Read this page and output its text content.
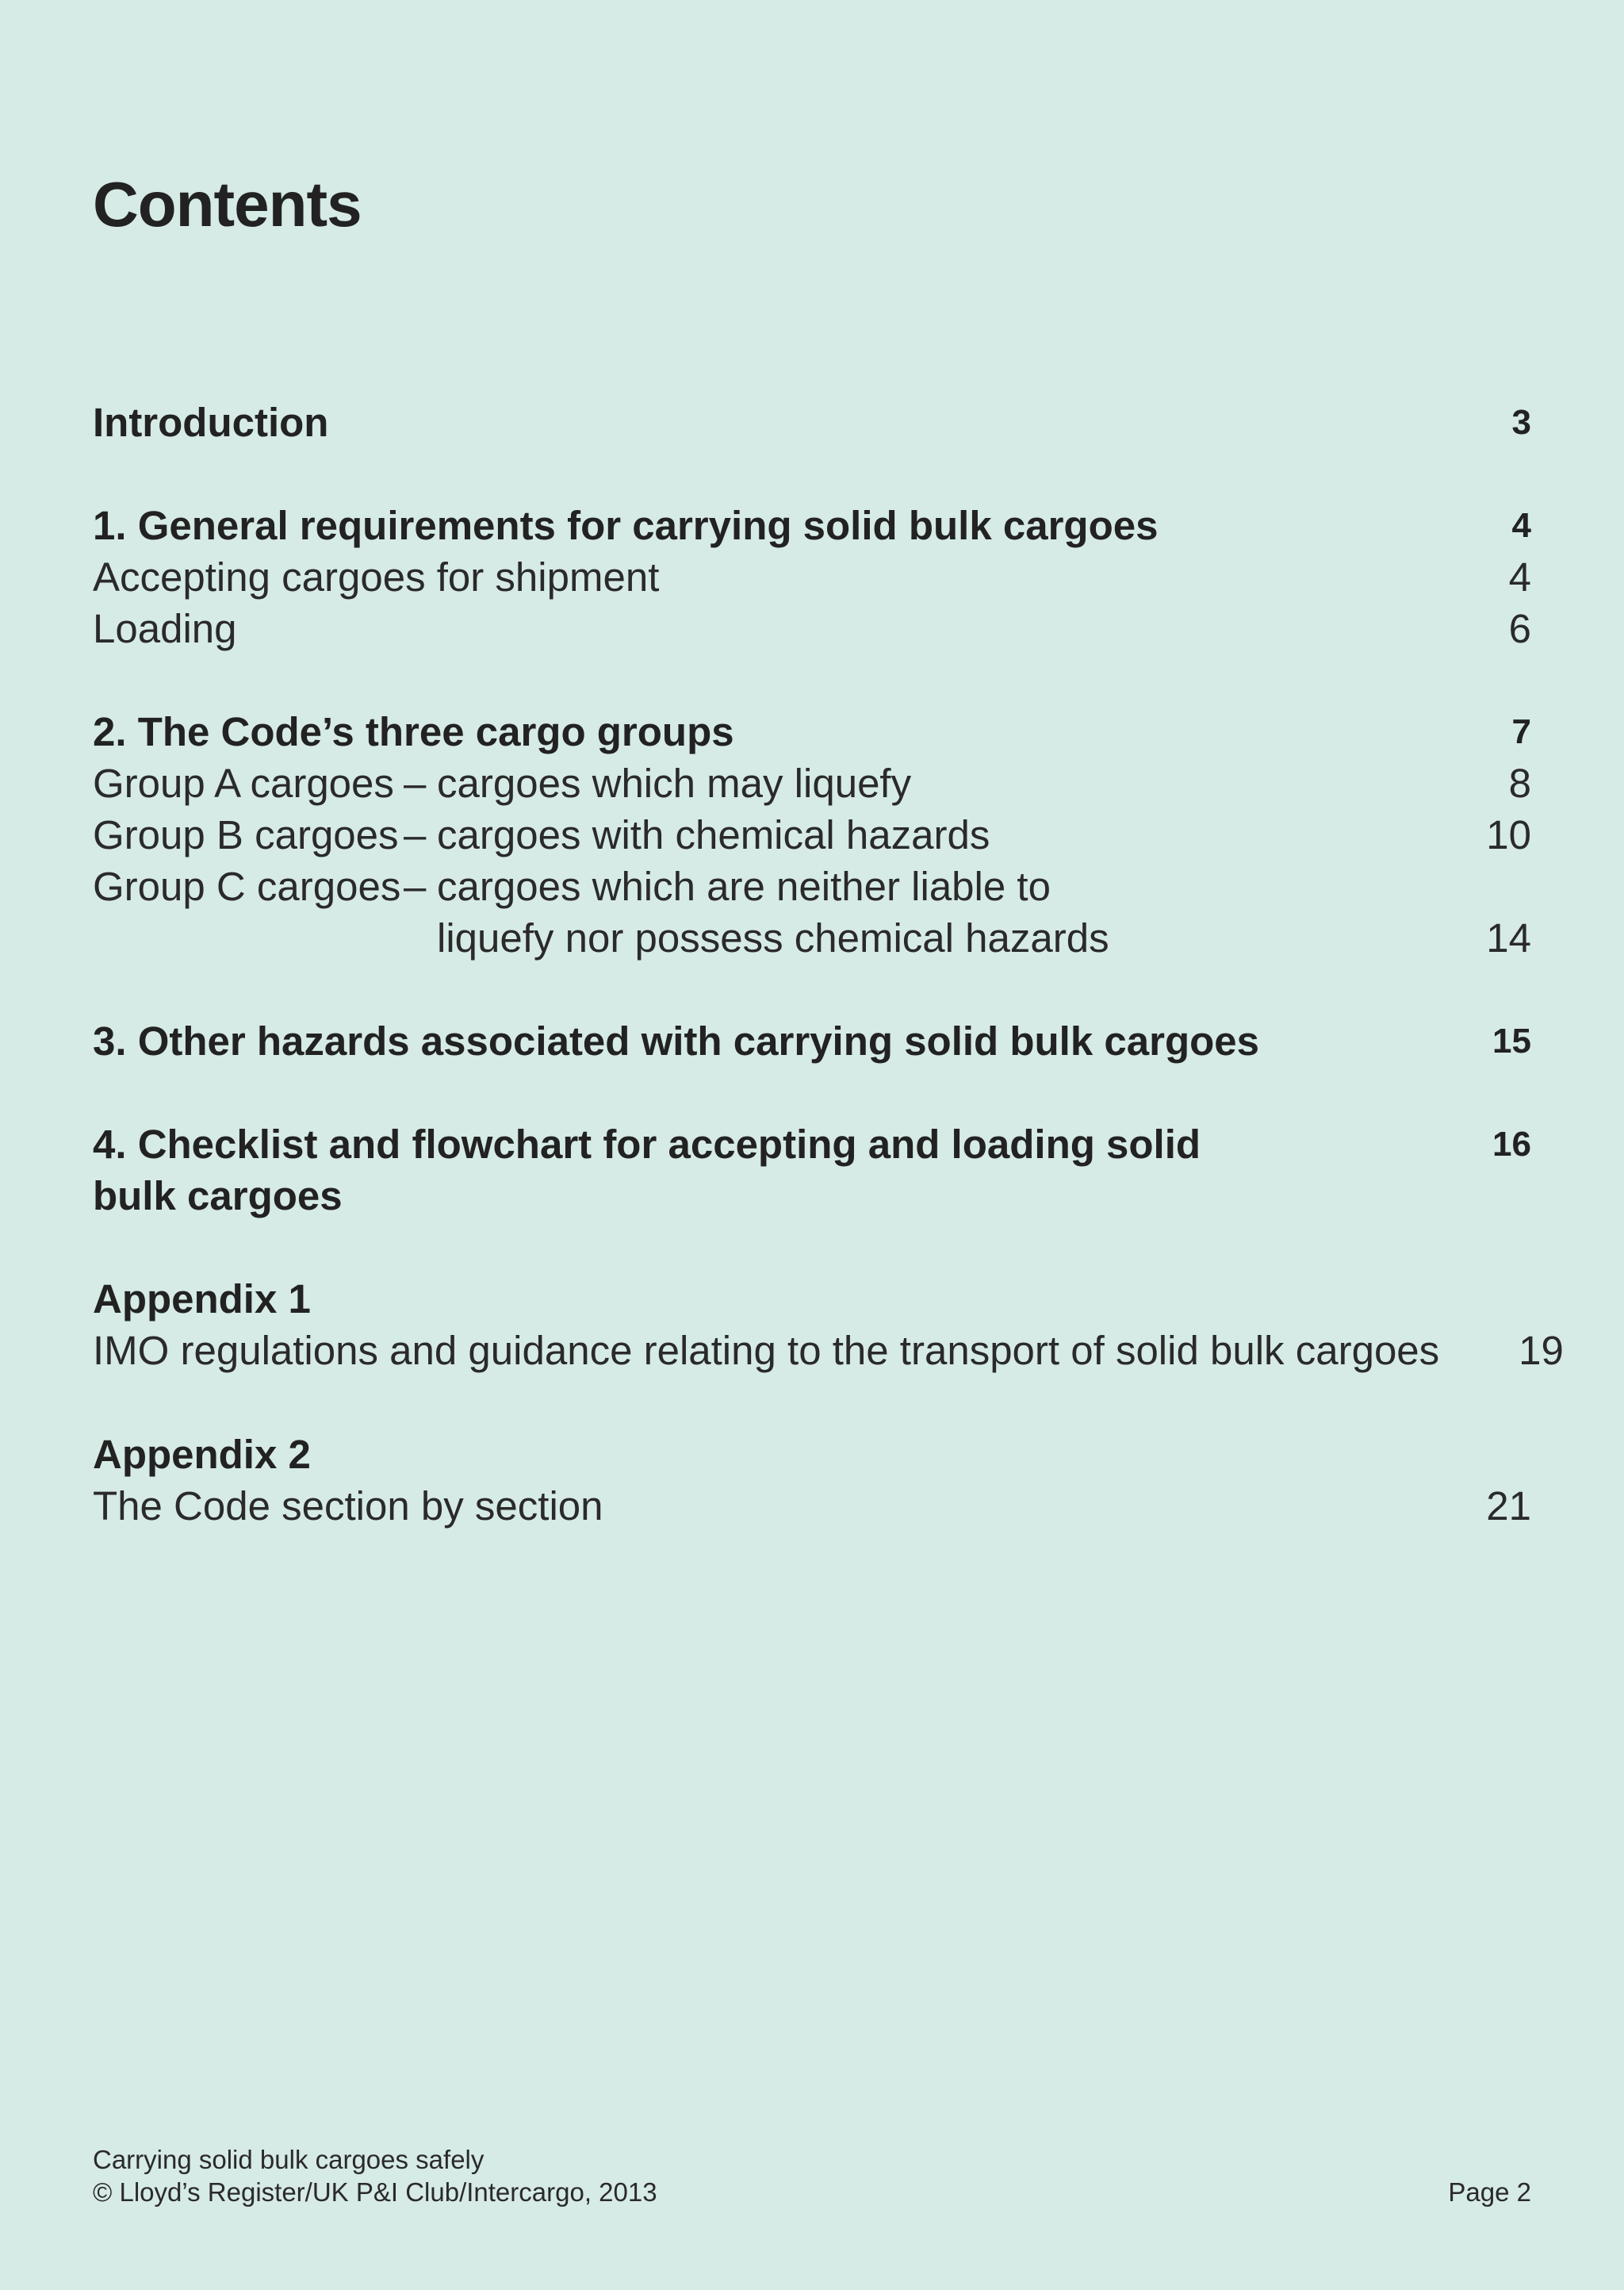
Contents
Introduction	3
1. General requirements for carrying solid bulk cargoes	4
Accepting cargoes for shipment	4
Loading	6
2. The Code’s three cargo groups	7
Group A cargoes – cargoes which may liquefy	8
Group B cargoes – cargoes with chemical hazards	10
Group C cargoes– cargoes which are neither liable to
liquefy nor possess chemical hazards	14
3. Other hazards associated with carrying solid bulk cargoes	15
4. Checklist and flowchart for accepting and loading solid
bulk cargoes
16
Appendix 1
IMO regulations and guidance relating to the transport of solid bulk cargoes	19
Appendix 2
The Code section by section	21
Carrying solid bulk cargoes safely
© Lloyd’s Register/UK P&I Club/Intercargo, 2013	Page 2
